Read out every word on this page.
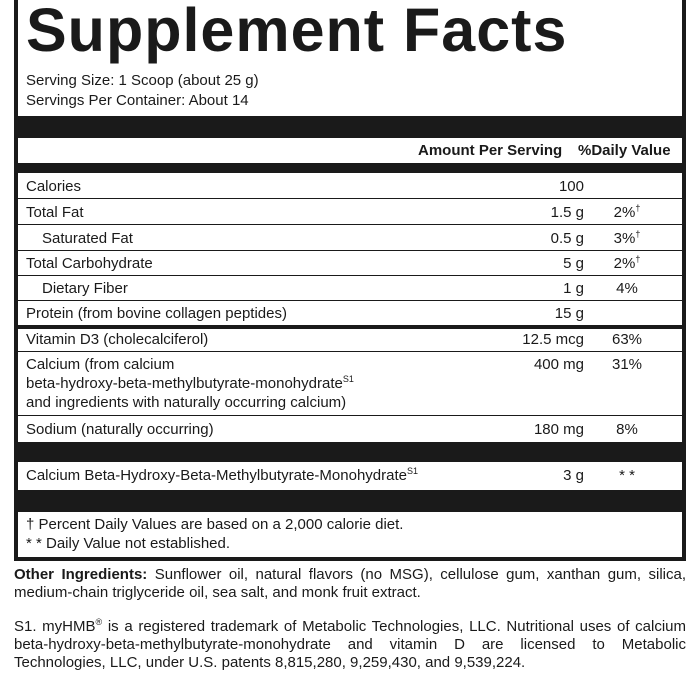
Supplement Facts
Serving Size: 1 Scoop (about 25 g)
Servings Per Container: About 14
Amount Per Serving %Daily Value
Calories	100
Total Fat	1.5 g	2%†
Saturated Fat	0.5 g	3%†
Total Carbohydrate	5 g	2%†
Dietary Fiber	1 g	4%
Protein (from bovine collagen peptides)	15 g
Vitamin D3 (cholecalciferol)	12.5 mcg	63%
Calcium (from calcium
beta-hydroxy-beta-methylbutyrate-monohydrate$^{S1}$
and ingredients with naturally occurring calcium)
400 mg	31%
Sodium (naturally occurring)	180 mg	8%
Calcium Beta-Hydroxy-Beta-Methylbutyrate-Monohydrate$^{S1}$	3 g	* *
† Percent Daily Values are based on a 2,000 calorie diet.
* * Daily Value not established.
Other Ingredients: Sunflower oil, natural flavors (no MSG), cellulose gum, xanthan gum, silica, medium-chain triglyceride oil, sea salt, and monk fruit extract.
S1. myHMB® is a registered trademark of Metabolic Technologies, LLC. Nutritional uses of calcium beta-hydroxy-beta-methylbutyrate-monohydrate and vitamin D are licensed to Metabolic Technologies, LLC, under U.S. patents 8,815,280, 9,259,430, and 9,539,224.
